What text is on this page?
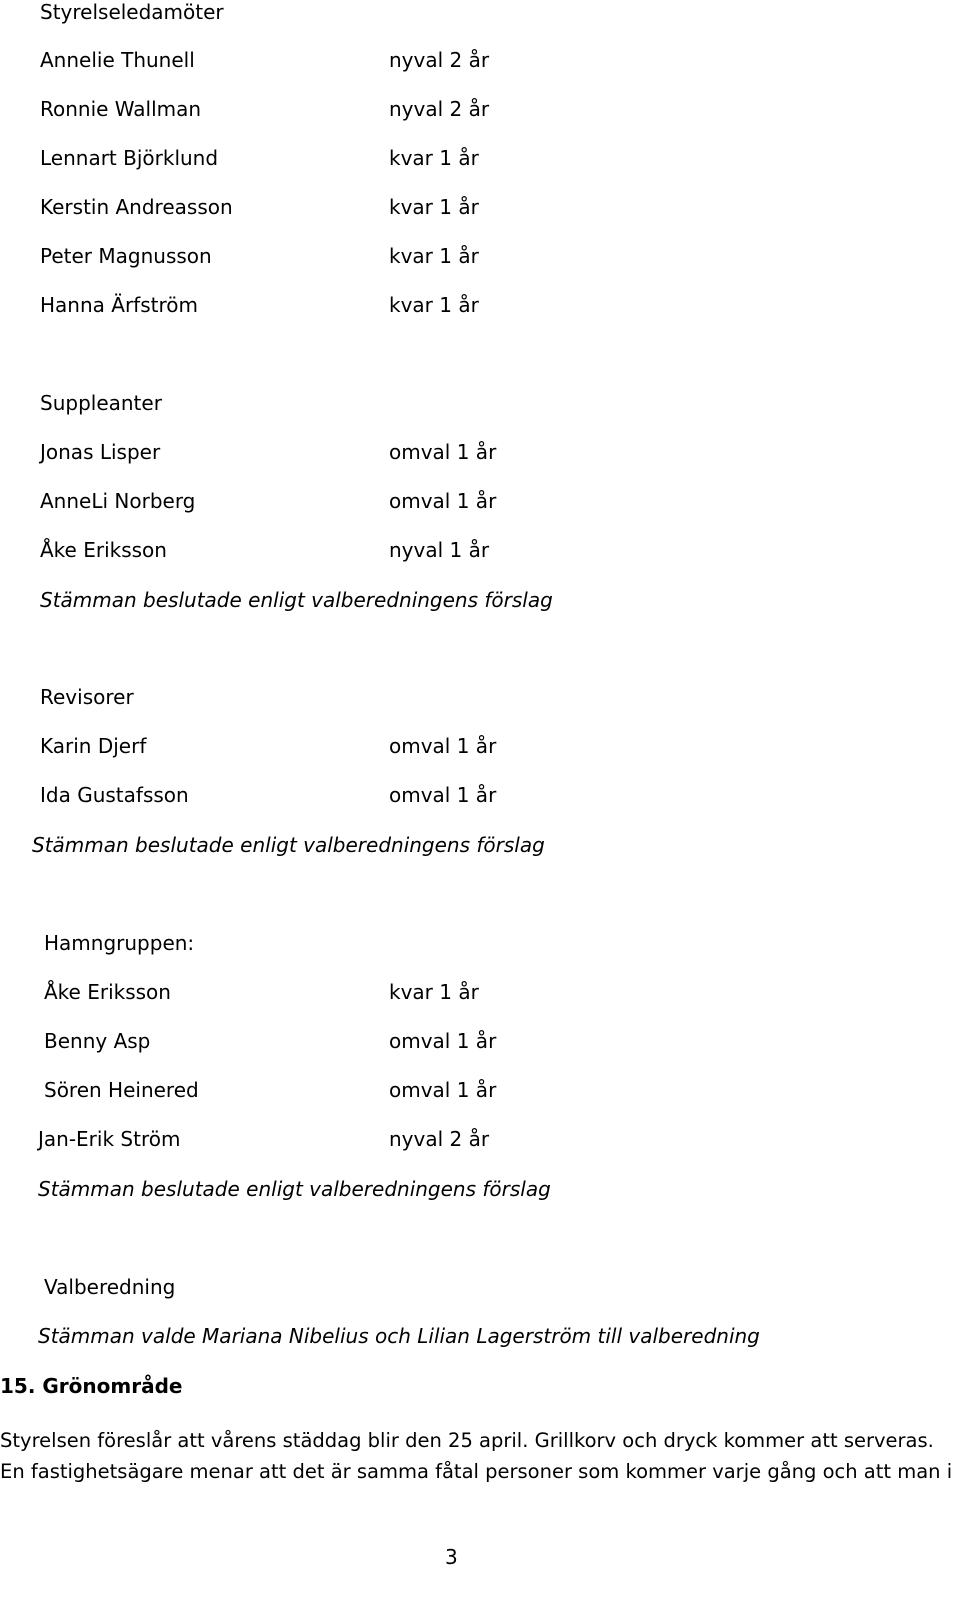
Styrelseledamöter
Annelie Thunell	nyval 2 år
Ronnie Wallman	nyval 2 år
Lennart Björklund	kvar 1 år
Kerstin Andreasson	kvar 1 år
Peter Magnusson	kvar 1 år
Hanna Ärfström	kvar 1 år
Suppleanter
Jonas Lisper	omval 1 år
AnneLi Norberg	omval 1 år
Åke Eriksson	nyval 1 år
Stämman beslutade enligt valberedningens förslag
Revisorer
Karin Djerf	omval 1 år
Ida Gustafsson	omval 1 år
Stämman beslutade enligt valberedningens förslag
Hamngruppen:
Åke Eriksson	kvar 1 år
Benny Asp	omval 1 år
Sören Heinered	omval 1 år
Jan-Erik Ström	nyval 2 år
Stämman beslutade enligt valberedningens förslag
Valberedning
Stämman valde Mariana Nibelius och Lilian Lagerström till valberedning
15. Grönområde
Styrelsen föreslår att vårens städdag blir den 25 april. Grillkorv och dryck kommer att serveras.
En fastighetsägare menar att det är samma fåtal personer som kommer varje gång och att man i
3
